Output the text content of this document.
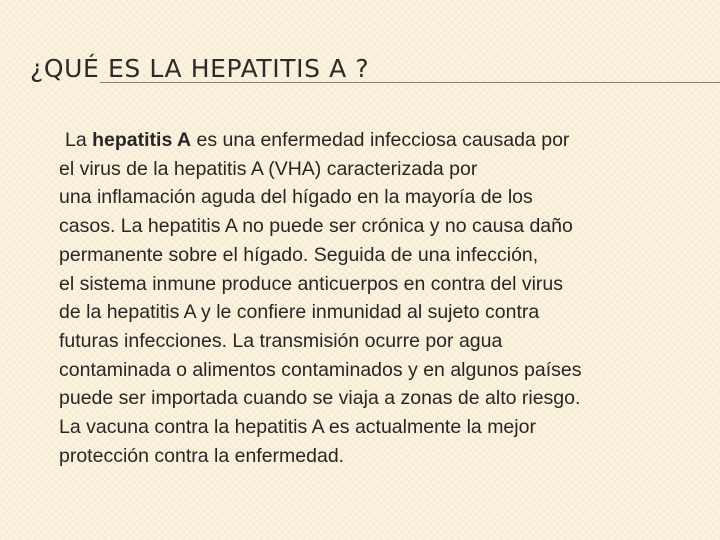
¿QUÉ ES LA HEPATITIS A ?
La hepatitis A es una enfermedad infecciosa causada por
el virus de la hepatitis A (VHA) caracterizada por
una inflamación aguda del hígado en la mayoría de los
casos. La hepatitis A no puede ser crónica y no causa daño
permanente sobre el hígado. Seguida de una infección,
el sistema inmune produce anticuerpos en contra del virus
de la hepatitis A y le confiere inmunidad al sujeto contra
futuras infecciones. La transmisión ocurre por agua
contaminada o alimentos contaminados y en algunos países
puede ser importada cuando se viaja a zonas de alto riesgo.
La vacuna contra la hepatitis A es actualmente la mejor
protección contra la enfermedad.
